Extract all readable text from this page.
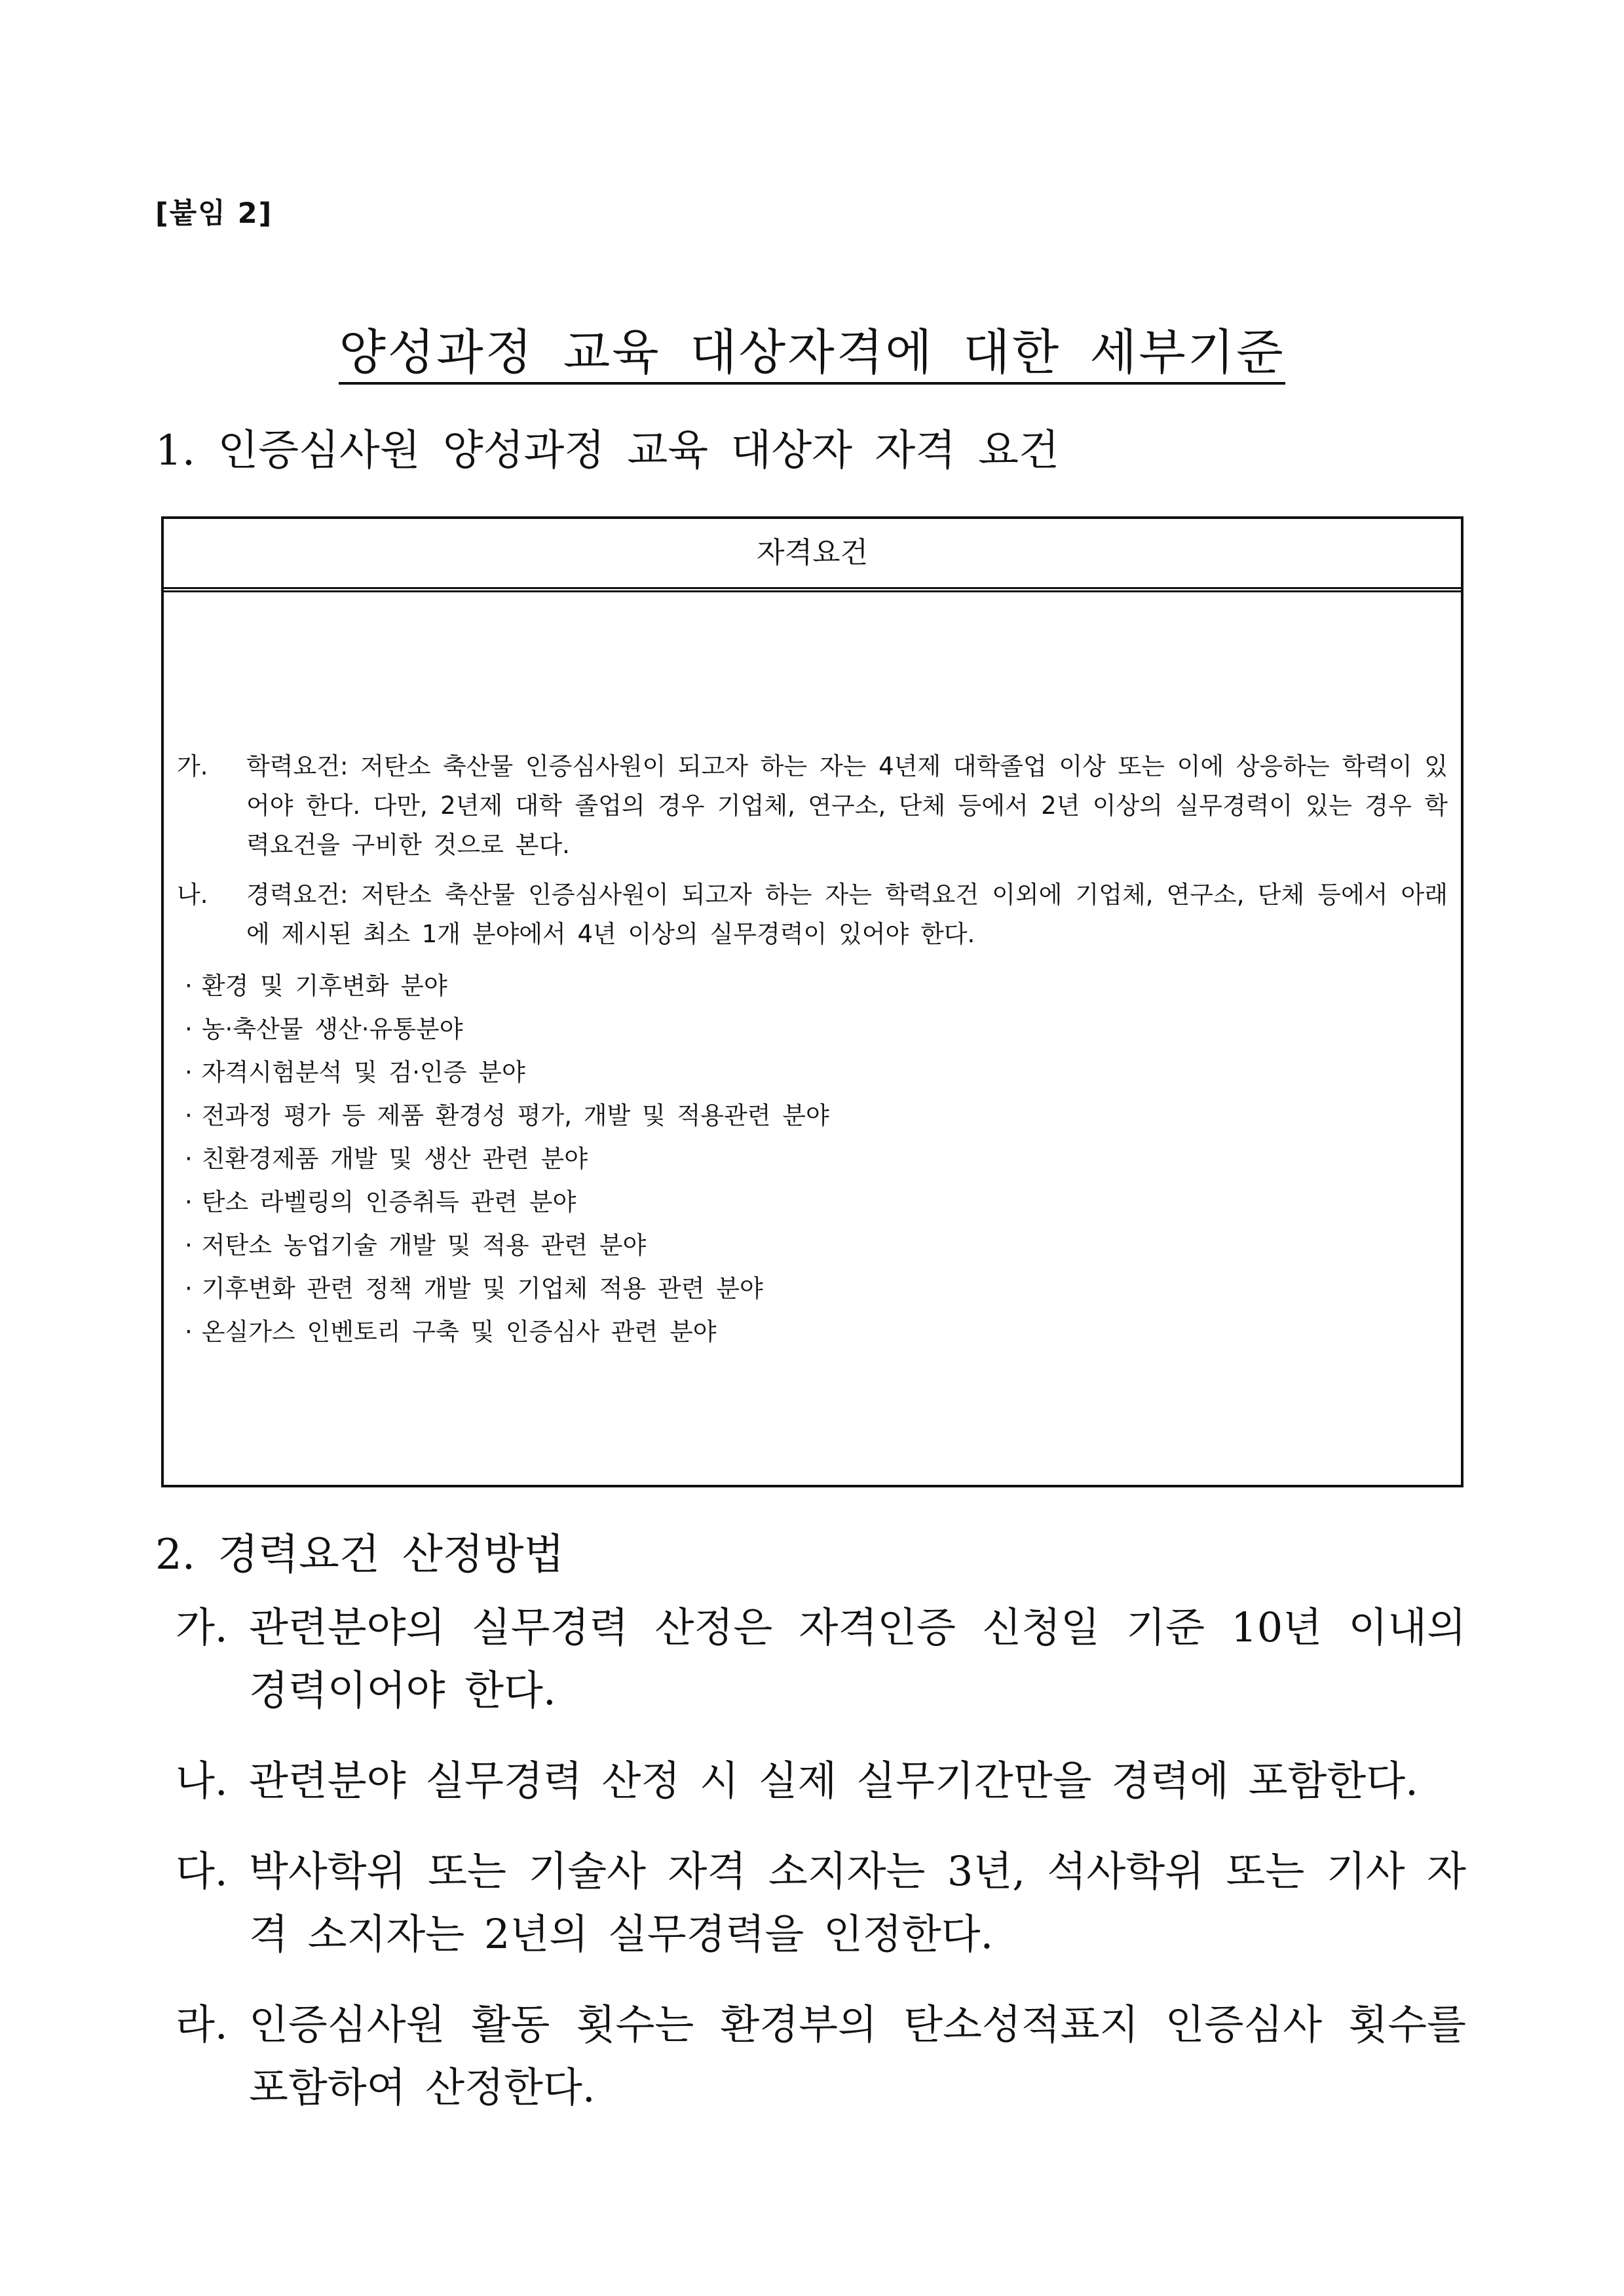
[붙임 2]
양성과정 교육 대상자격에 대한 세부기준
1. 인증심사원 양성과정 교육 대상자 자격 요건
자격요건
가.	학력요건: 저탄소 축산물 인증심사원이 되고자 하는 자는 4년제 대학졸업 이상 또는 이에 상응하는 학력이 있어야 한다. 다만, 2년제 대학 졸업의 경우 기업체, 연구소, 단체 등에서 2년 이상의 실무경력이 있는 경우 학력요건을 구비한 것으로 본다.
나.	경력요건: 저탄소 축산물 인증심사원이 되고자 하는 자는 학력요건 이외에 기업체, 연구소, 단체 등에서 아래에 제시된 최소 1개 분야에서 4년 이상의 실무경력이 있어야 한다.
· 환경 및 기후변화 분야
· 농·축산물 생산·유통분야
· 자격시험분석 및 검·인증 분야
· 전과정 평가 등 제품 환경성 평가, 개발 및 적용관련 분야
· 친환경제품 개발 및 생산 관련 분야
· 탄소 라벨링의 인증취득 관련 분야
· 저탄소 농업기술 개발 및 적용 관련 분야
· 기후변화 관련 정책 개발 및 기업체 적용 관련 분야
· 온실가스 인벤토리 구축 및 인증심사 관련 분야
2. 경력요건 산정방법
가. 관련분야의 실무경력 산정은 자격인증 신청일 기준 10년 이내의 경력이어야 한다.
나. 관련분야 실무경력 산정 시 실제 실무기간만을 경력에 포함한다.
다. 박사학위 또는 기술사 자격 소지자는 3년, 석사학위 또는 기사 자격 소지자는 2년의 실무경력을 인정한다.
라. 인증심사원 활동 횟수는 환경부의 탄소성적표지 인증심사 횟수를 포함하여 산정한다.
